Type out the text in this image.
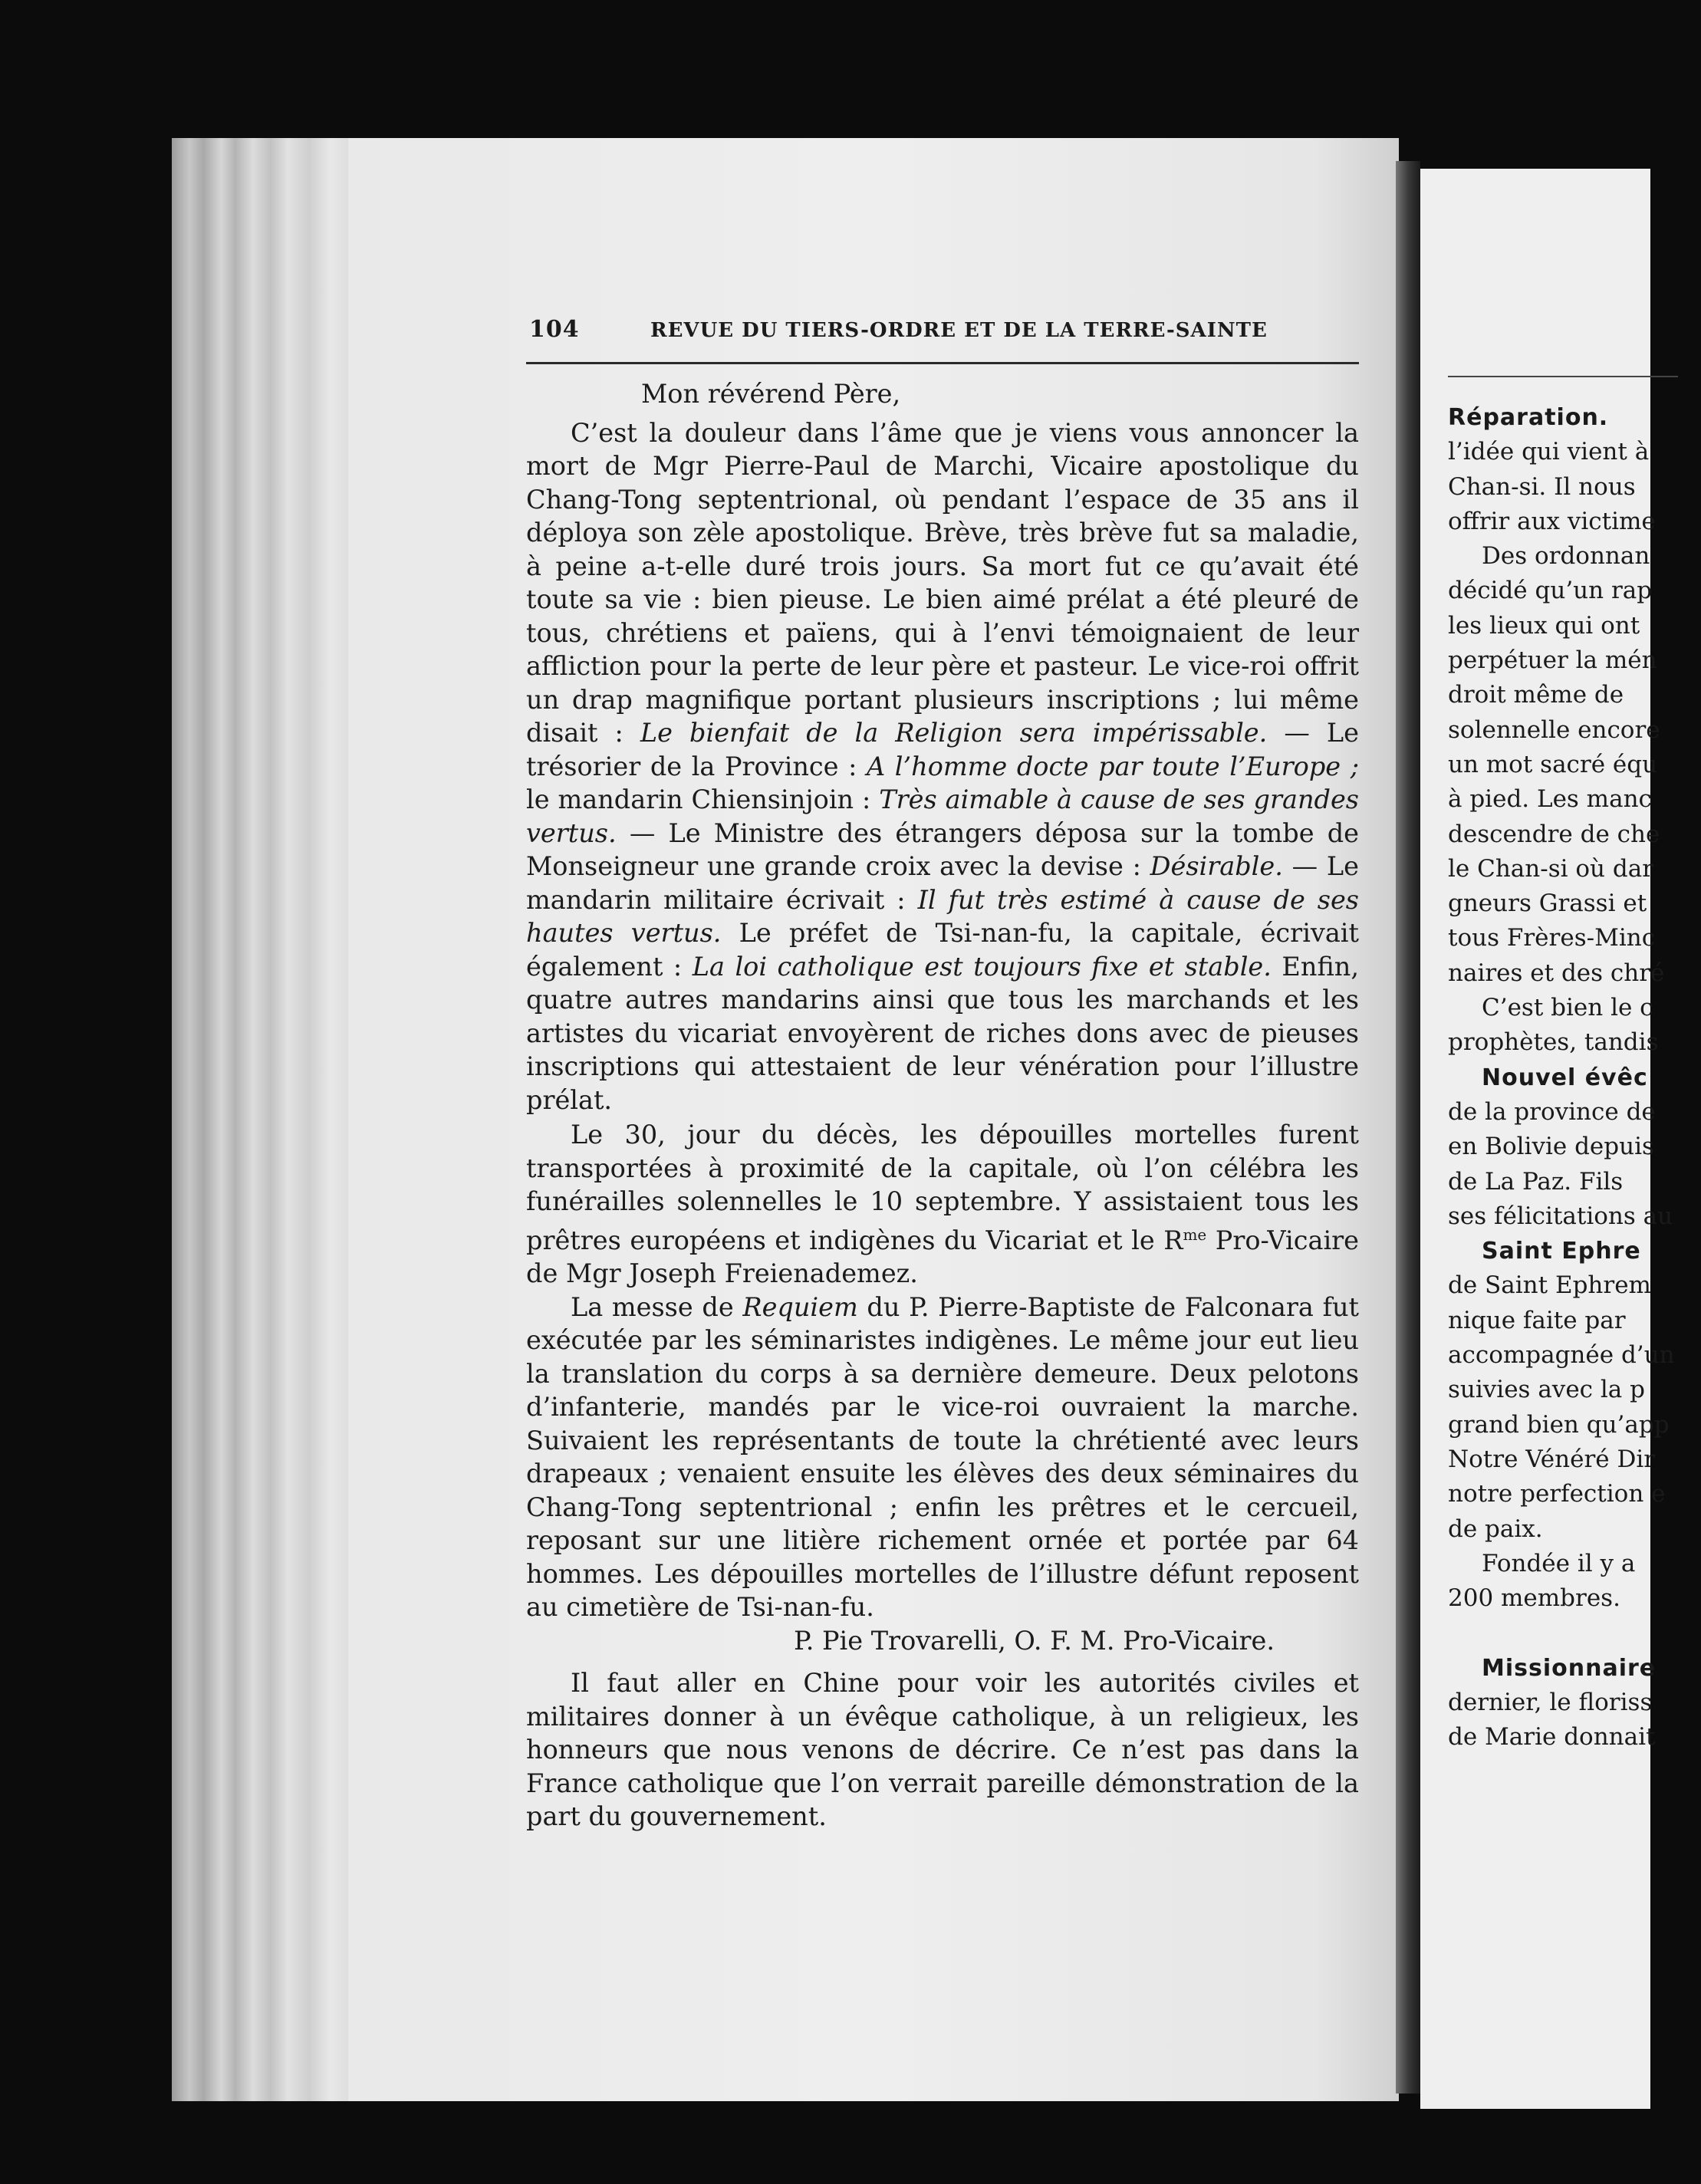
104	REVUE DU TIERS-ORDRE ET DE LA TERRE-SAINTE

Mon révérend Père,

C’est la douleur dans l’âme que je viens vous annoncer la mort de Mgr Pierre-Paul de Marchi, Vicaire apostolique du Chang-Tong septentrional, où pendant l’espace de 35 ans il déploya son zèle apostolique. Brève, très brève fut sa maladie, à peine a-t-elle duré trois jours. Sa mort fut ce qu’avait été toute sa vie : bien pieuse. Le bien aimé prélat a été pleuré de tous, chrétiens et païens, qui à l’envi témoignaient de leur affliction pour la perte de leur père et pasteur. Le vice-roi offrit un drap magnifique portant plusieurs inscriptions ; lui même disait : Le bienfait de la Religion sera impérissable. — Le trésorier de la Province : A l’homme docte par toute l’Europe ; le mandarin Chiensinjoin : Très aimable à cause de ses grandes vertus. — Le Ministre des étrangers déposa sur la tombe de Monseigneur une grande croix avec la devise : Désirable. — Le mandarin militaire écrivait : Il fut très estimé à cause de ses hautes vertus. Le préfet de Tsi-nan-fu, la capitale, écrivait également : La loi catholique est toujours fixe et stable. Enfin, quatre autres mandarins ainsi que tous les marchands et les artistes du vicariat envoyèrent de riches dons avec de pieuses inscriptions qui attestaient de leur vénération pour l’illustre prélat.

Le 30, jour du décès, les dépouilles mortelles furent transportées à proximité de la capitale, où l’on célébra les funérailles solennelles le 10 septembre. Y assistaient tous les prêtres européens et indigènes du Vicariat et le $R^{me}$ Pro-Vicaire de Mgr Joseph Freienademez.

La messe de Requiem du P. Pierre-Baptiste de Falconara fut exécutée par les séminaristes indigènes. Le même jour eut lieu la translation du corps à sa dernière demeure. Deux pelotons d’infanterie, mandés par le vice-roi ouvraient la marche. Suivaient les représentants de toute la chrétienté avec leurs drapeaux ; venaient ensuite les élèves des deux séminaires du Chang-Tong septentrional ; enfin les prêtres et le cercueil, reposant sur une litière richement ornée et portée par 64 hommes. Les dépouilles mortelles de l’illustre défunt reposent au cimetière de Tsi-nan-fu.

P. Pie Trovarelli, O. F. M. Pro-Vicaire.

Il faut aller en Chine pour voir les autorités civiles et militaires donner à un évêque catholique, à un religieux, les honneurs que nous venons de décrire. Ce n’est pas dans la France catholique que l’on verrait pareille démonstration de la part du gouvernement.

Réparation.
l’idée qui vient à
Chan-si. Il nous
offrir aux victime
Des ordonnan
décidé qu’un rap
les lieux qui ont
perpétuer la mén
droit même de
solennelle encore
un mot sacré équ
à pied. Les manc
descendre de che
le Chan-si où dar
gneurs Grassi et
tous Frères-Minc
naires et des chré
C’est bien le c
prophètes, tandis
Nouvel évêc
de la province de
en Bolivie depuis
de La Paz. Fils
ses félicitations au
Saint Ephre
de Saint Ephrem
nique faite par
accompagnée d’un
suivies avec la p
grand bien qu’app
Notre Vénéré Dir
notre perfection e
de paix.
Fondée il y a
200 membres.
Missionnaire
dernier, le floriss
de Marie donnait
